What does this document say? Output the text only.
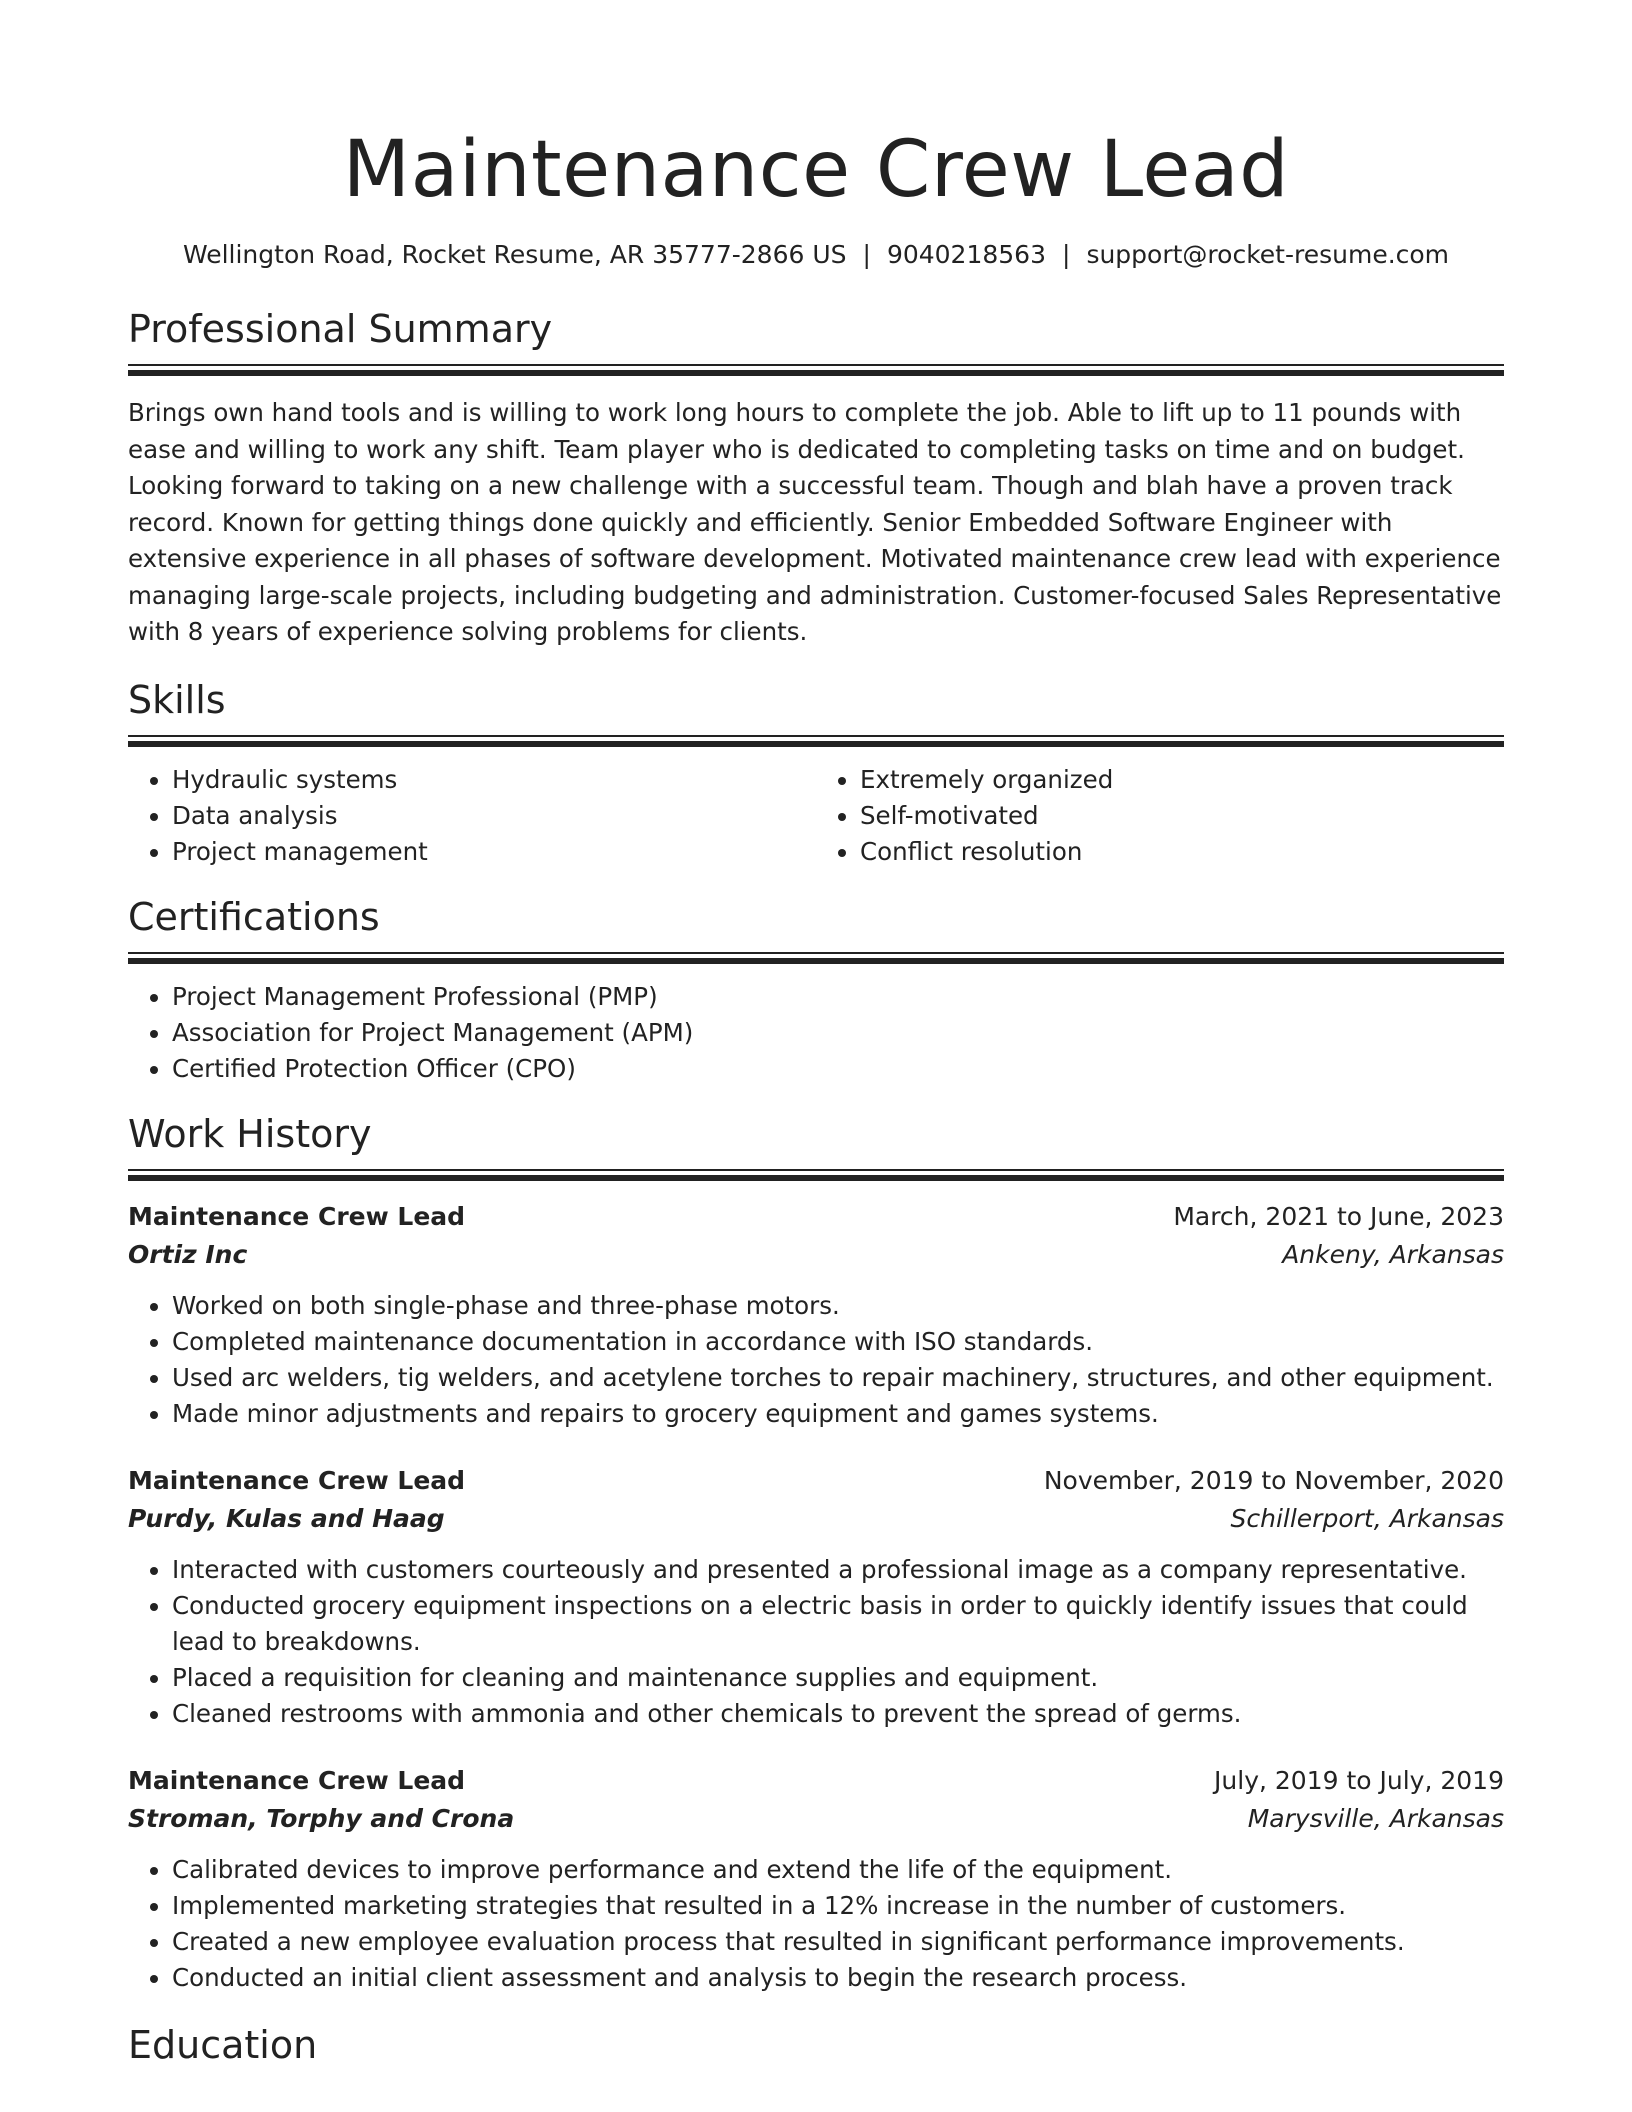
Maintenance Crew Lead
Wellington Road, Rocket Resume, AR 35777-2866 US | 9040218563 | support@rocket-resume.com
Professional Summary
Brings own hand tools and is willing to work long hours to complete the job. Able to lift up to 11 pounds with ease and willing to work any shift. Team player who is dedicated to completing tasks on time and on budget. Looking forward to taking on a new challenge with a successful team. Though and blah have a proven track record. Known for getting things done quickly and efficiently. Senior Embedded Software Engineer with extensive experience in all phases of software development. Motivated maintenance crew lead with experience managing large-scale projects, including budgeting and administration. Customer-focused Sales Representative with 8 years of experience solving problems for clients.
Skills
• Hydraulic systems
• Data analysis
• Project management
• Extremely organized
• Self-motivated
• Conflict resolution
Certifications
• Project Management Professional (PMP)
• Association for Project Management (APM)
• Certified Protection Officer (CPO)
Work History
Maintenance Crew Lead	March, 2021 to June, 2023
Ortiz Inc	Ankeny, Arkansas
• Worked on both single-phase and three-phase motors.
• Completed maintenance documentation in accordance with ISO standards.
• Used arc welders, tig welders, and acetylene torches to repair machinery, structures, and other equipment.
• Made minor adjustments and repairs to grocery equipment and games systems.
Maintenance Crew Lead	November, 2019 to November, 2020
Purdy, Kulas and Haag	Schillerport, Arkansas
• Interacted with customers courteously and presented a professional image as a company representative.
• Conducted grocery equipment inspections on a electric basis in order to quickly identify issues that could lead to breakdowns.
• Placed a requisition for cleaning and maintenance supplies and equipment.
• Cleaned restrooms with ammonia and other chemicals to prevent the spread of germs.
Maintenance Crew Lead	July, 2019 to July, 2019
Stroman, Torphy and Crona	Marysville, Arkansas
• Calibrated devices to improve performance and extend the life of the equipment.
• Implemented marketing strategies that resulted in a 12% increase in the number of customers.
• Created a new employee evaluation process that resulted in significant performance improvements.
• Conducted an initial client assessment and analysis to begin the research process.
Education
